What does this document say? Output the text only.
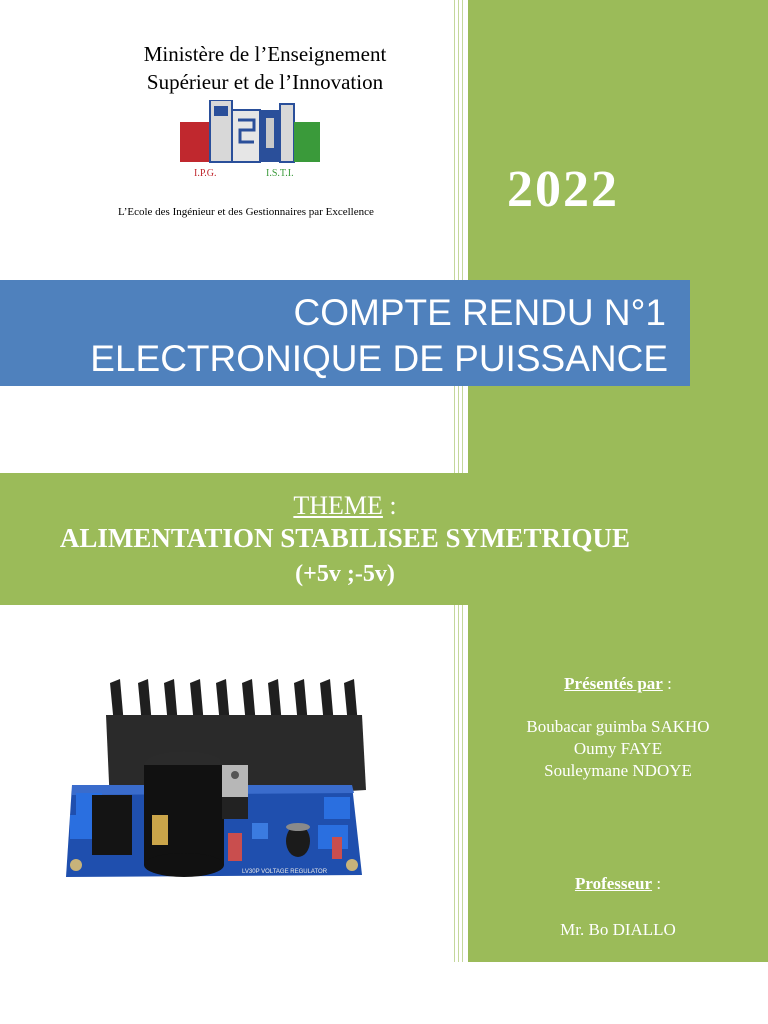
Ministère de l’Enseignement
Supérieur et de l’Innovation
I.P.G.	I.S.T.I.
L’Ecole des Ingénieur et des Gestionnaires par Excellence	2022
COMPTE RENDU N°1
ELECTRONIQUE DE PUISSANCE
THEME :
ALIMENTATION STABILISEE SYMETRIQUE
(+5v ;-5v)
LV30P VOLTAGE REGULATOR
Présentés par :
Boubacar guimba SAKHO
Oumy FAYE
Souleymane NDOYE
Professeur :
Mr. Bo DIALLO
